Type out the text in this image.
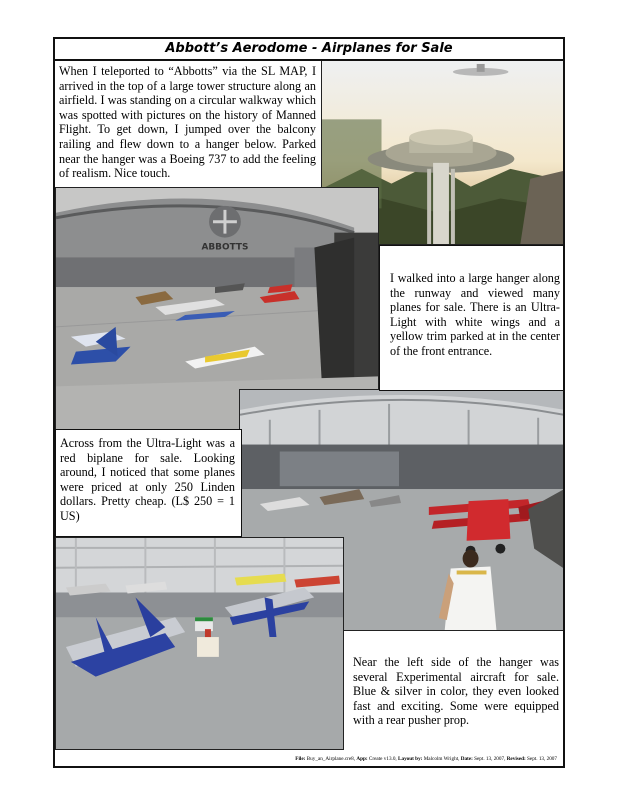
Abbott’s Aerodome - Airplanes for Sale
When I teleported to “Abbotts” via the SL MAP, I arrived in the top of a large tower structure along an airfield. I was standing on a circular walkway which was spotted with pictures on the history of Manned Flight. To get down, I jumped over the balcony railing and flew down to a hanger below. Parked near the hanger was a Boeing 737 to add the feeling of realism. Nice touch.
ABBOTTS
I walked into a large hanger along the runway and viewed many planes for sale. There is an Ultra-Light with white wings and a yellow trim parked at in the center of the front entrance.
Across from the Ultra-Light was a red biplane for sale. Looking around, I noticed that some planes were priced at only 250 Linden dollars. Pretty cheap. (L$ 250 = 1 US)
Near the left side of the hanger was several Experimental aircraft for sale. Blue & silver in color, they even looked fast and exciting. Some were equipped with a rear pusher prop.
File: Buy_an_Airplane.cre8, App: Create v13.0, Layout by: Malcolm Wright, Date: Sept. 13, 2007, Revised: Sept. 13, 2007
